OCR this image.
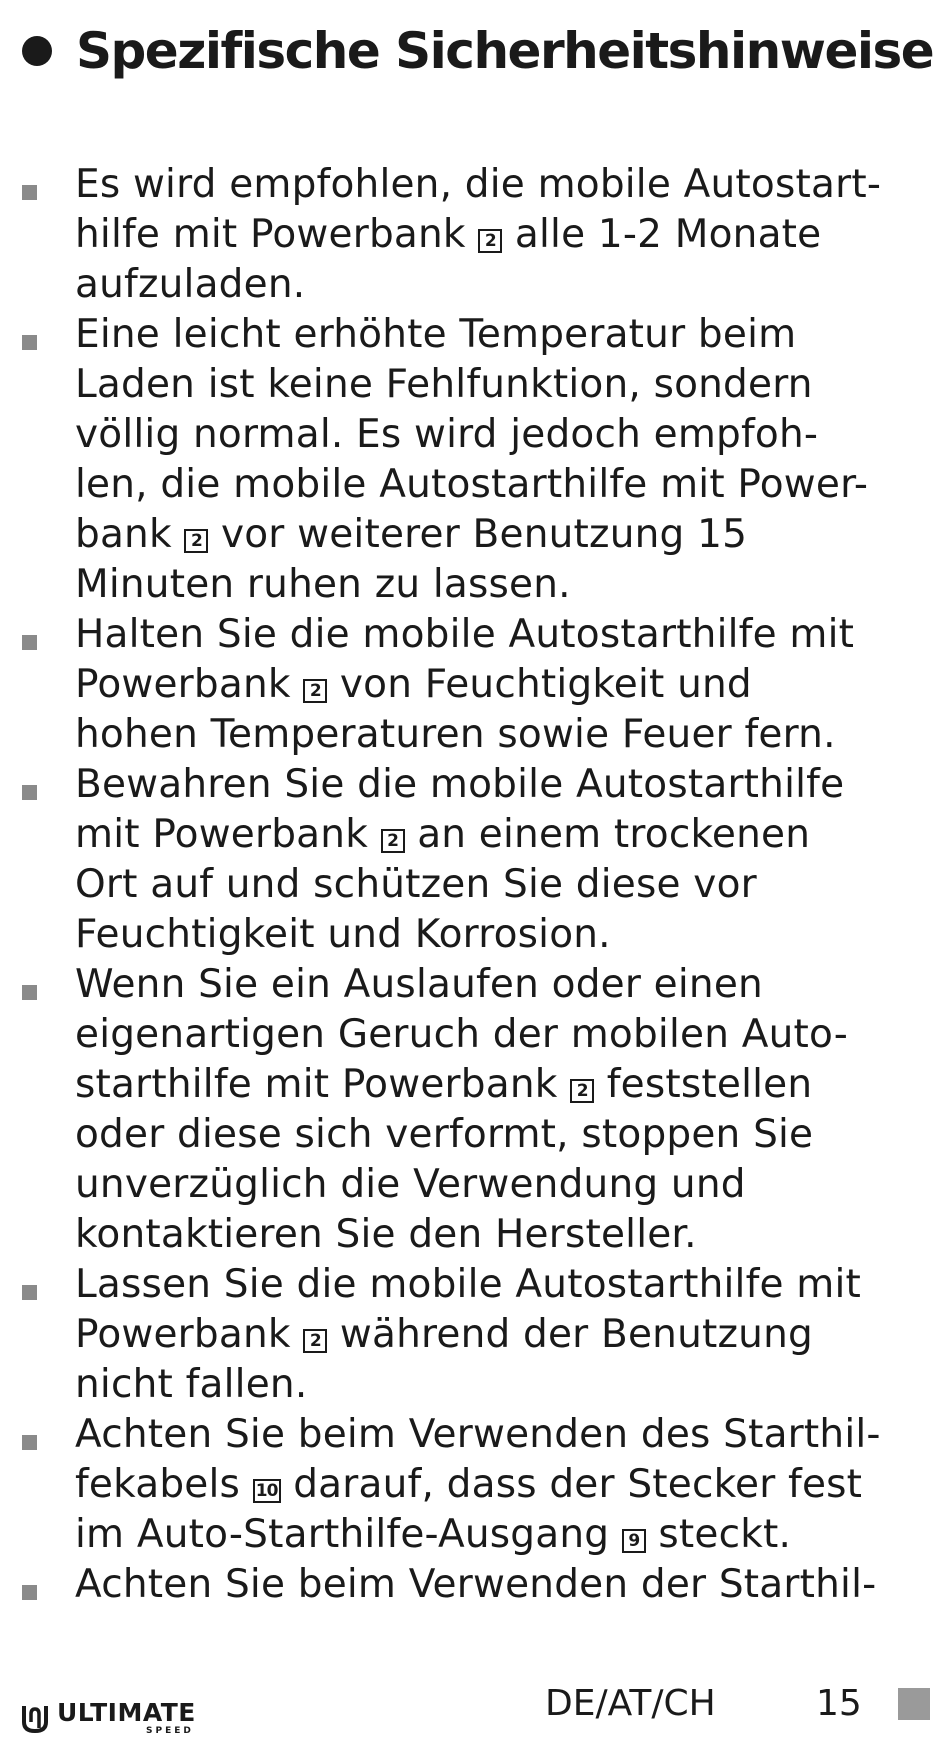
Spezifische Sicherheitshinweise
Es wird empfohlen, die mobile Autostart-
hilfe mit Powerbank 2 alle 1-2 Monate
aufzuladen.
Eine leicht erhöhte Temperatur beim
Laden ist keine Fehlfunktion, sondern
völlig normal. Es wird jedoch empfoh-
len, die mobile Autostarthilfe mit Power-
bank 2 vor weiterer Benutzung 15
Minuten ruhen zu lassen.
Halten Sie die mobile Autostarthilfe mit
Powerbank 2 von Feuchtigkeit und
hohen Temperaturen sowie Feuer fern.
Bewahren Sie die mobile Autostarthilfe
mit Powerbank 2 an einem trockenen
Ort auf und schützen Sie diese vor
Feuchtigkeit und Korrosion.
Wenn Sie ein Auslaufen oder einen
eigenartigen Geruch der mobilen Auto-
starthilfe mit Powerbank 2 feststellen
oder diese sich verformt, stoppen Sie
unverzüglich die Verwendung und
kontaktieren Sie den Hersteller.
Lassen Sie die mobile Autostarthilfe mit
Powerbank 2 während der Benutzung
nicht fallen.
Achten Sie beim Verwenden des Starthil-
fekabels 10 darauf, dass der Stecker fest
im Auto-Starthilfe-Ausgang 9 steckt.
Achten Sie beim Verwenden der Starthil-
ULTIMATE
SPEED
DE/AT/CH	15
